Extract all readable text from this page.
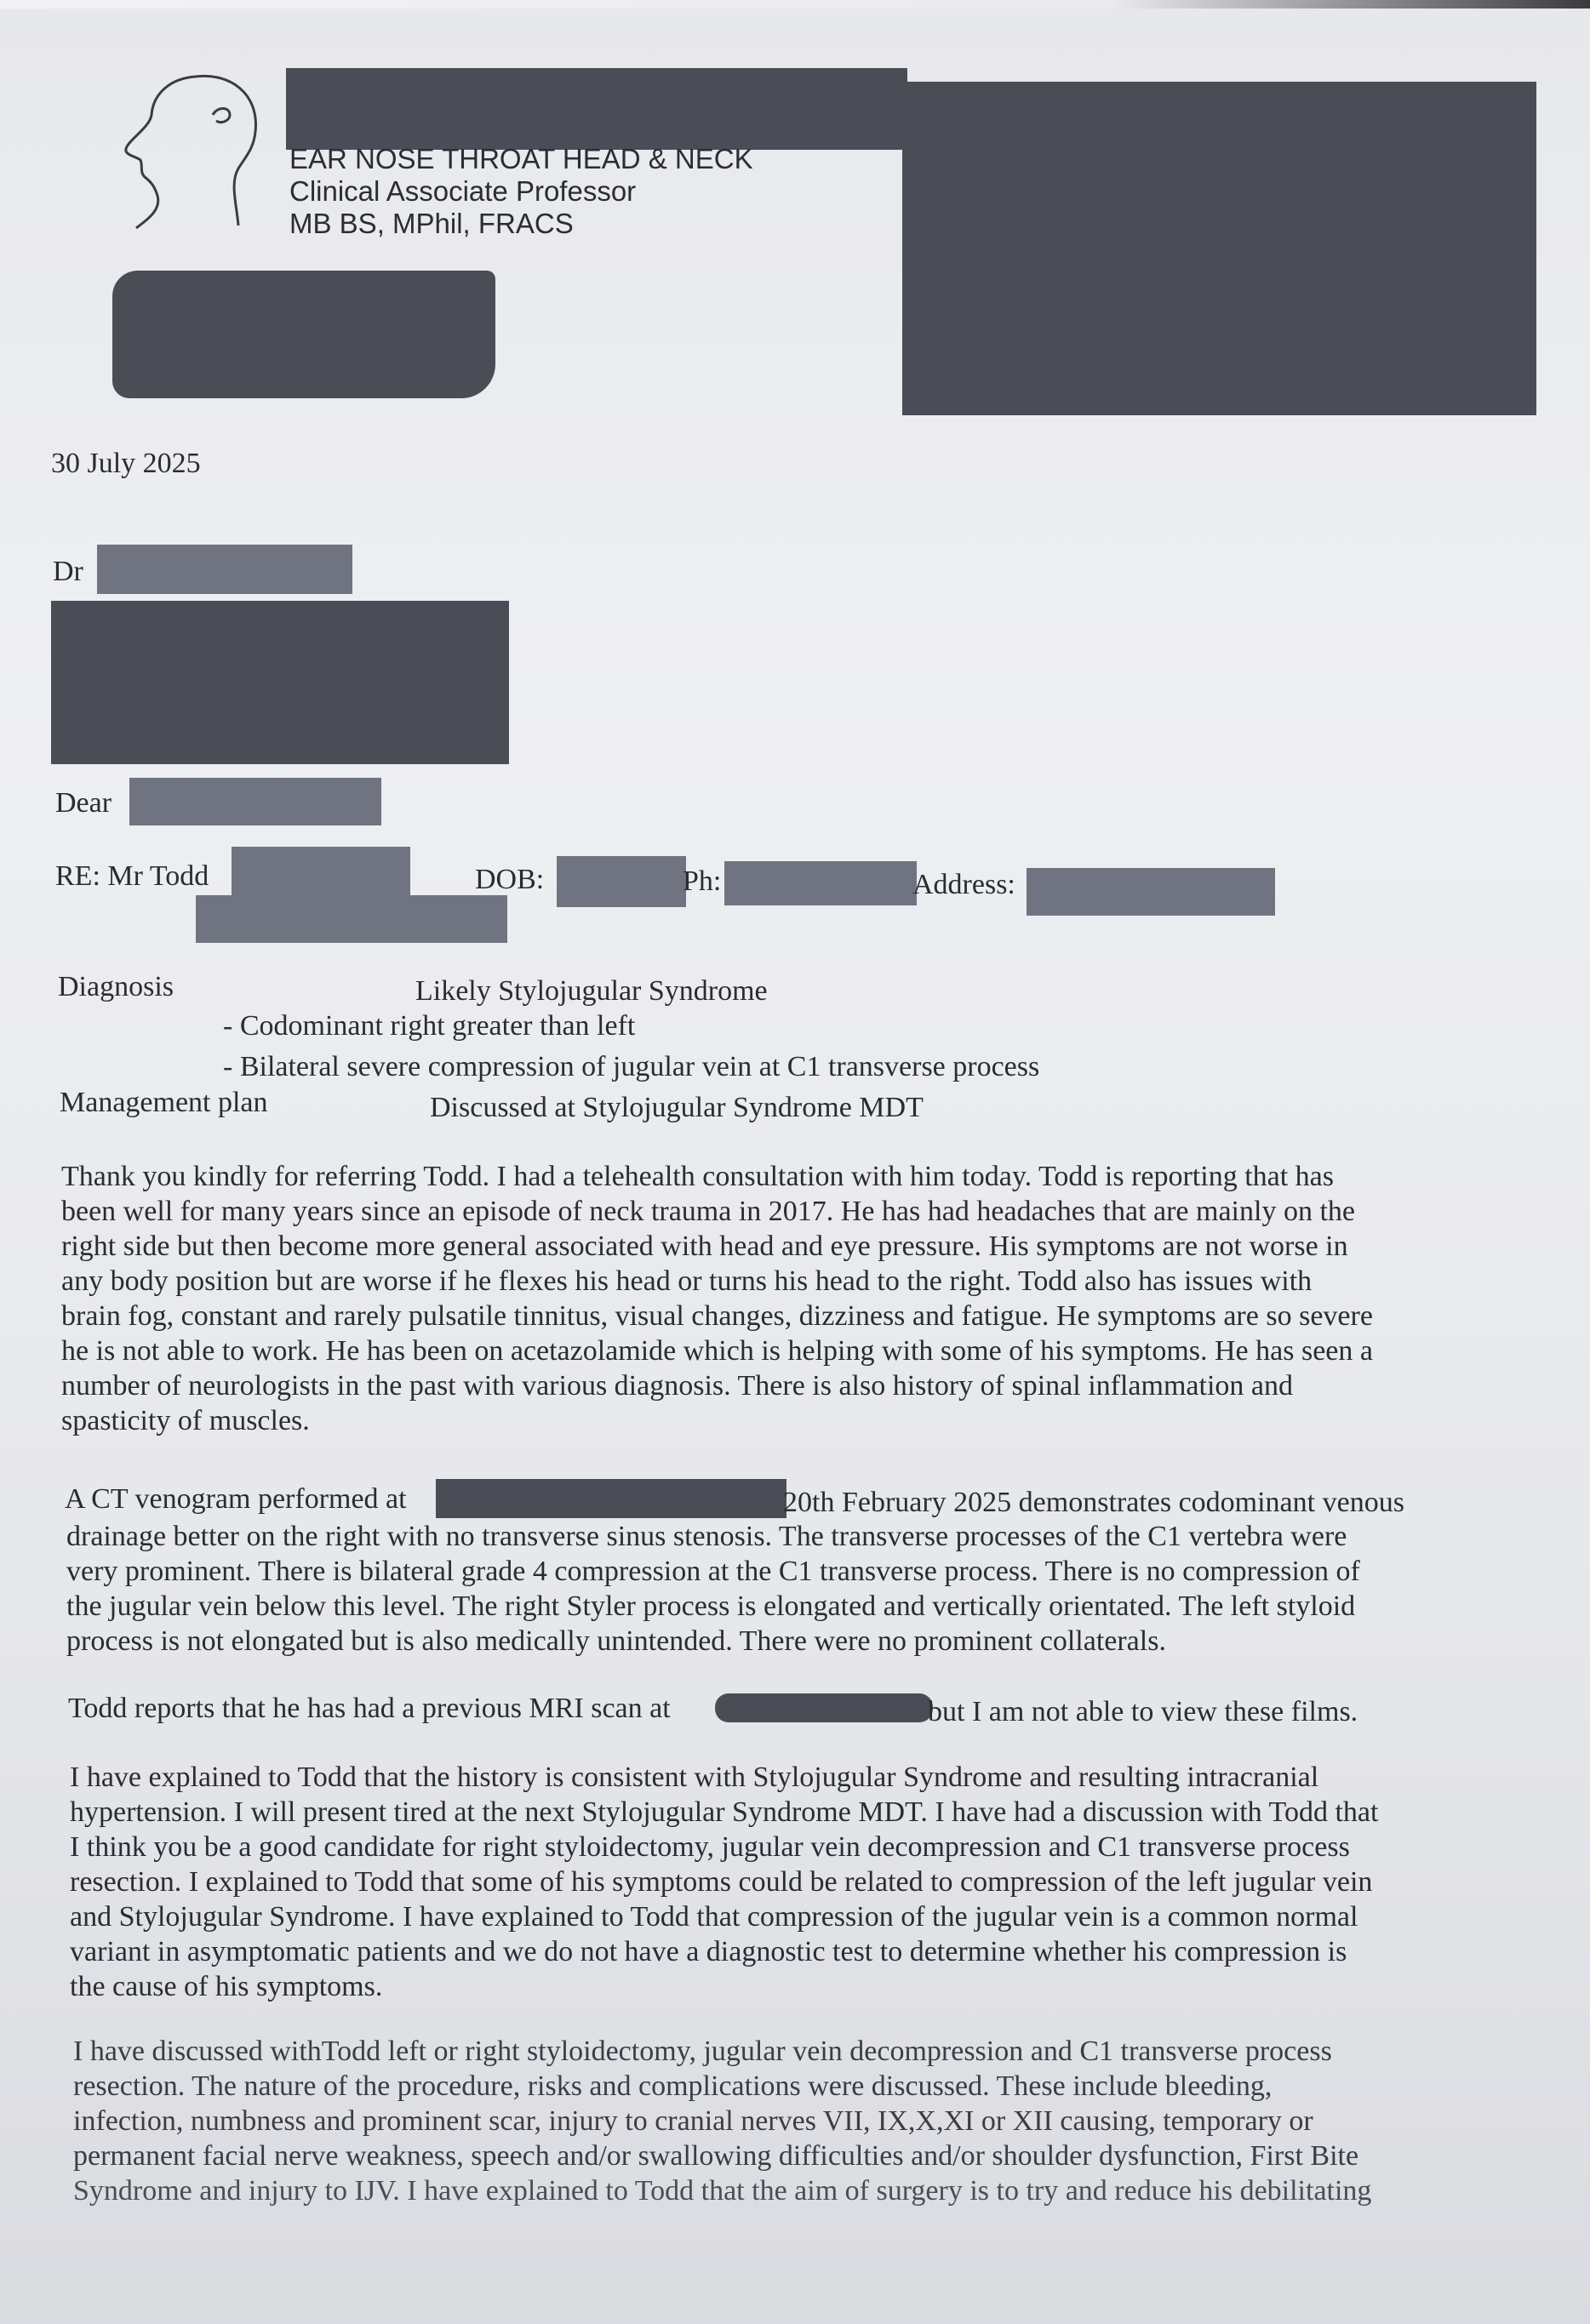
EAR NOSE THROAT HEAD & NECK
Clinical Associate Professor
MB BS, MPhil, FRACS
30 July 2025
Dr
Dear
RE: Mr Todd	DOB:	Ph:	Address:
Diagnosis	Likely Stylojugular Syndrome
- Codominant right greater than left
- Bilateral severe compression of jugular vein at C1 transverse process
Management plan	Discussed at Stylojugular Syndrome MDT
Thank you kindly for referring Todd. I had a telehealth consultation with him today. Todd is reporting that has
been well for many years since an episode of neck trauma in 2017. He has had headaches that are mainly on the
right side but then become more general associated with head and eye pressure. His symptoms are not worse in
any body position but are worse if he flexes his head or turns his head to the right. Todd also has issues with
brain fog, constant and rarely pulsatile tinnitus, visual changes, dizziness and fatigue. He symptoms are so severe
he is not able to work. He has been on acetazolamide which is helping with some of his symptoms. He has seen a
number of neurologists in the past with various diagnosis. There is also history of spinal inflammation and
spasticity of muscles.
A CT venogram performed at	20th February 2025 demonstrates codominant venous
drainage better on the right with no transverse sinus stenosis. The transverse processes of the C1 vertebra were
very prominent. There is bilateral grade 4 compression at the C1 transverse process. There is no compression of
the jugular vein below this level. The right Styler process is elongated and vertically orientated. The left styloid
process is not elongated but is also medically unintended. There were no prominent collaterals.
Todd reports that he has had a previous MRI scan at	but I am not able to view these films.
I have explained to Todd that the history is consistent with Stylojugular Syndrome and resulting intracranial
hypertension. I will present tired at the next Stylojugular Syndrome MDT. I have had a discussion with Todd that
I think you be a good candidate for right styloidectomy, jugular vein decompression and C1 transverse process
resection. I explained to Todd that some of his symptoms could be related to compression of the left jugular vein
and Stylojugular Syndrome. I have explained to Todd that compression of the jugular vein is a common normal
variant in asymptomatic patients and we do not have a diagnostic test to determine whether his compression is
the cause of his symptoms.
I have discussed withTodd left or right styloidectomy, jugular vein decompression and C1 transverse process
resection. The nature of the procedure, risks and complications were discussed. These include bleeding,
infection, numbness and prominent scar, injury to cranial nerves VII, IX,X,XI or XII causing, temporary or
permanent facial nerve weakness, speech and/or swallowing difficulties and/or shoulder dysfunction, First Bite
Syndrome and injury to IJV. I have explained to Todd that the aim of surgery is to try and reduce his debilitating
